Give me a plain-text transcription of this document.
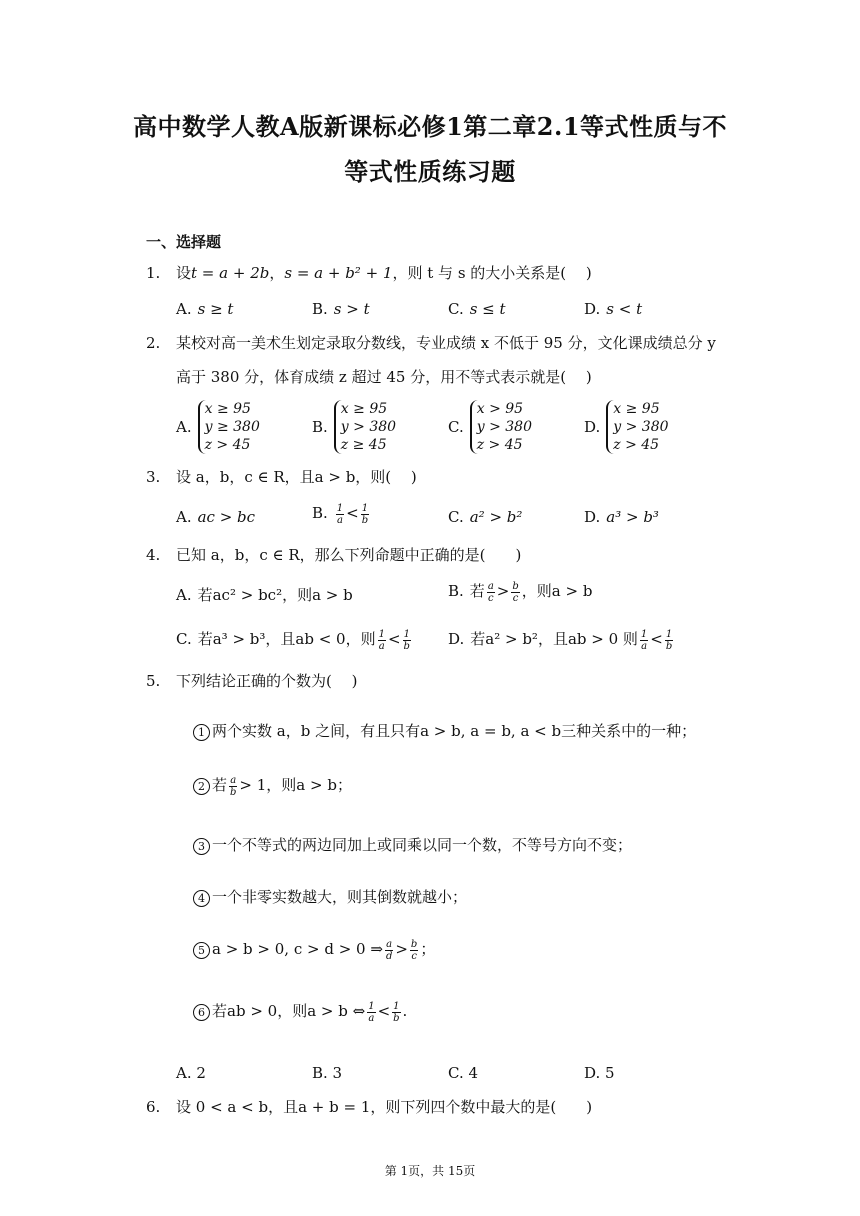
高中数学人教A版新课标必修1第二章2.1等式性质与不
等式性质练习题
一、选择题
1. 设t = a + 2b，s = a + b² + 1，则 t 与 s 的大小关系是(　 )
A. s ≥ t	B. s > t	C. s ≤ t	D. s < t
2. 某校对高一美术生划定录取分数线，专业成绩 x 不低于 95 分，文化课成绩总分 y
高于 380 分，体育成绩 z 超过 45 分，用不等式表示就是(　 )
A.x ≥ 95
y ≥ 380
z > 45
B.x ≥ 95
y > 380
z ≥ 45
C.x > 95
y > 380
z > 45
D.x ≥ 95
y > 380
z > 45
3. 设 a，b，c ∈ R，且a > b，则(　 )
A. ac > bc	B. $\frac{1}{a} < \frac{1}{b}$	C. a² > b²	D. a³ > b³
4. 已知 a，b，c ∈ R，那么下列命题中正确的是(　　)
A. 若ac² > bc²，则a > b	B. 若 $\frac{a}{c} > \frac{b}{c}$ ，则a > b
C. 若a³ > b³，且ab < 0，则 $\frac{1}{a} < \frac{1}{b} D$. 若a² > b²，且ab > 0 则 $\frac{1}{a} < \frac{1}{b}$
5. 下列结论正确的个数为(　 )
1 两个实数 a，b 之间，有且只有a > b, a = b, a < b三种关系中的一种；
2 若 $\frac{a}{b} > 1$，则a > b；
3 一个不等式的两边同加上或同乘以同一个数，不等号方向不变；
4 一个非零实数越大，则其倒数就越小；
5 a > b > 0, c > d > 0 ⇒ $\frac{a}{d} > \frac{b}{c}$ ；
6 若ab > 0，则a > b ⇔ $\frac{1}{a} < \frac{1}{b}$ .
A. 2	B. 3	C. 4	D. 5
6. 设 0 < a < b，且a + b = 1，则下列四个数中最大的是(　　)
第 1页，共 15页
